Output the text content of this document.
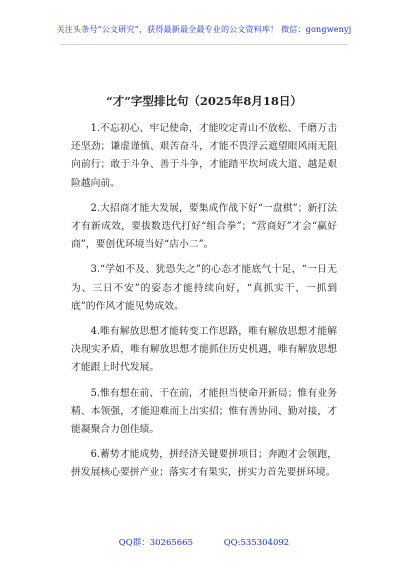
关注头条号“公文研究”，获得最新最全最专业的公文资料库！ 微信：gongwenyj
“才”字型排比句（2025年8月18日）

1.不忘初心、牢记使命，才能咬定青山不放松、千磨万击还坚劲；谦虚谨慎、艰苦奋斗，才能不畏浮云遮望眼风雨无阻向前行；敢于斗争、善于斗争，才能踏平坎坷成大道、越是艰险越向前。

2.大招商才能大发展，要集成作战下好“一盘棋”；新打法才有新成效，要拔数迭代打好“组合拳”；“营商好”才会“赢好商”，要创优环境当好“店小二”。

3.“学如不及、犹恐失之”的心态才能底气十足，“一日无为、三日不安”的姿态才能持续向好，“真抓实干、一抓到底”的作风才能见势成效。

4.唯有解放思想才能转变工作思路，唯有解放思想才能解决现实矛盾，唯有解放思想才能抓住历史机遇，唯有解放思想才能跟上时代发展。

5.惟有想在前、干在前，才能担当使命开新局；惟有业务精、本领强，才能迎难而上出实招；惟有善协同、勤对接，才能凝聚合力创佳绩。

6.蓄势才能成势，拼经济关键要拼项目；奔跑才会领跑，拼发展核心要拼产业；落实才有果实，拼实力首先要拼环境。

QQ群：30265665	QQ:535304092
